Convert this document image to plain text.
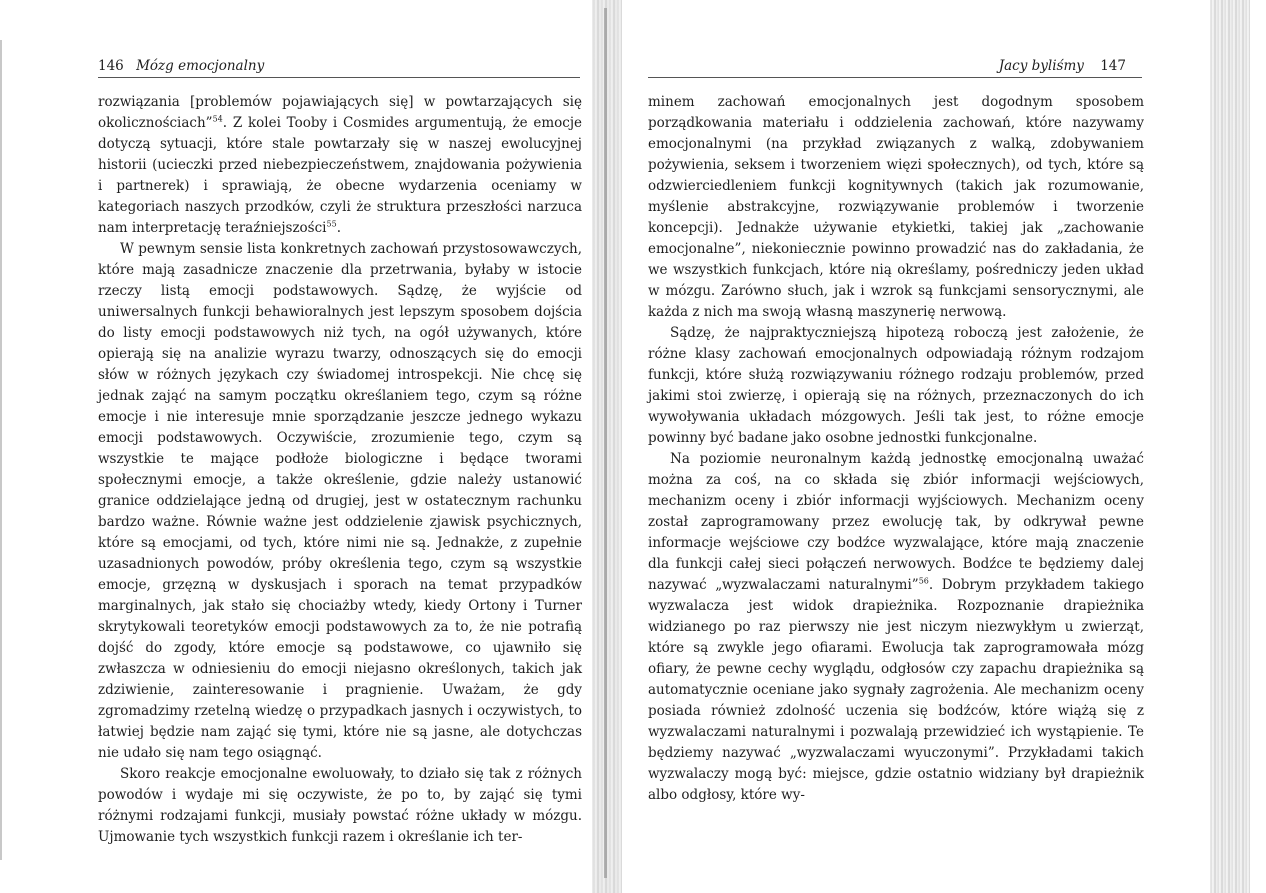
146 Mózg emocjonalny

rozwiązania [problemów pojawiających się] w powtarzających się okolicznościach”$^{54}$. Z kolei Tooby i Cosmides argumentują, że emocje dotyczą sytuacji, które stale powtarzały się w naszej ewolucyjnej historii (ucieczki przed niebezpieczeństwem, znajdowania pożywienia i partnerek) i sprawiają, że obecne wydarzenia oceniamy w kategoriach naszych przodków, czyli że struktura przeszłości narzuca nam interpretację teraźniejszości$^{55}$.

W pewnym sensie lista konkretnych zachowań przystosowawczych, które mają zasadnicze znaczenie dla przetrwania, byłaby w istocie rzeczy listą emocji podstawowych. Sądzę, że wyjście od uniwersalnych funkcji behawioralnych jest lepszym sposobem dojścia do listy emocji podstawowych niż tych, na ogół używanych, które opierają się na analizie wyrazu twarzy, odnoszących się do emocji słów w różnych językach czy świadomej introspekcji. Nie chcę się jednak zająć na samym początku określaniem tego, czym są różne emocje i nie interesuje mnie sporządzanie jeszcze jednego wykazu emocji podstawowych. Oczywiście, zrozumienie tego, czym są wszystkie te mające podłoże biologiczne i będące tworami społecznymi emocje, a także określenie, gdzie należy ustanowić granice oddzielające jedną od drugiej, jest w ostatecznym rachunku bardzo ważne. Równie ważne jest oddzielenie zjawisk psychicznych, które są emocjami, od tych, które nimi nie są. Jednakże, z zupełnie uzasadnionych powodów, próby określenia tego, czym są wszystkie emocje, grzęzną w dyskusjach i sporach na temat przypadków marginalnych, jak stało się chociażby wtedy, kiedy Ortony i Turner skrytykowali teoretyków emocji podstawowych za to, że nie potrafią dojść do zgody, które emocje są podstawowe, co ujawniło się zwłaszcza w odniesieniu do emocji niejasno określonych, takich jak zdziwienie, zainteresowanie i pragnienie. Uważam, że gdy zgromadzimy rzetelną wiedzę o przypadkach jasnych i oczywistych, to łatwiej będzie nam zająć się tymi, które nie są jasne, ale dotychczas nie udało się nam tego osiągnąć.

Skoro reakcje emocjonalne ewoluowały, to działo się tak z różnych powodów i wydaje mi się oczywiste, że po to, by zająć się tymi różnymi rodzajami funkcji, musiały powstać różne układy w mózgu. Ujmowanie tych wszystkich funkcji razem i określanie ich ter-

Jacy byliśmy 147

minem zachowań emocjonalnych jest dogodnym sposobem porządkowania materiału i oddzielenia zachowań, które nazywamy emocjonalnymi (na przykład związanych z walką, zdobywaniem pożywienia, seksem i tworzeniem więzi społecznych), od tych, które są odzwierciedleniem funkcji kognitywnych (takich jak rozumowanie, myślenie abstrakcyjne, rozwiązywanie problemów i tworzenie koncepcji). Jednakże używanie etykietki, takiej jak „zachowanie emocjonalne”, niekoniecznie powinno prowadzić nas do zakładania, że we wszystkich funkcjach, które nią określamy, pośredniczy jeden układ w mózgu. Zarówno słuch, jak i wzrok są funkcjami sensorycznymi, ale każda z nich ma swoją własną maszynerię nerwową.

Sądzę, że najpraktyczniejszą hipotezą roboczą jest założenie, że różne klasy zachowań emocjonalnych odpowiadają różnym rodzajom funkcji, które służą rozwiązywaniu różnego rodzaju problemów, przed jakimi stoi zwierzę, i opierają się na różnych, przeznaczonych do ich wywoływania układach mózgowych. Jeśli tak jest, to różne emocje powinny być badane jako osobne jednostki funkcjonalne.

Na poziomie neuronalnym każdą jednostkę emocjonalną uważać można za coś, na co składa się zbiór informacji wejściowych, mechanizm oceny i zbiór informacji wyjściowych. Mechanizm oceny został zaprogramowany przez ewolucję tak, by odkrywał pewne informacje wejściowe czy bodźce wyzwalające, które mają znaczenie dla funkcji całej sieci połączeń nerwowych. Bodźce te będziemy dalej nazywać „wyzwalaczami naturalnymi”$^{56}$. Dobrym przykładem takiego wyzwalacza jest widok drapieżnika. Rozpoznanie drapieżnika widzianego po raz pierwszy nie jest niczym niezwykłym u zwierząt, które są zwykle jego ofiarami. Ewolucja tak zaprogramowała mózg ofiary, że pewne cechy wyglądu, odgłosów czy zapachu drapieżnika są automatycznie oceniane jako sygnały zagrożenia. Ale mechanizm oceny posiada również zdolność uczenia się bodźców, które wiążą się z wyzwalaczami naturalnymi i pozwalają przewidzieć ich wystąpienie. Te będziemy nazywać „wyzwalaczami wyuczonymi”. Przykładami takich wyzwalaczy mogą być: miejsce, gdzie ostatnio widziany był drapieżnik albo odgłosy, które wy-
